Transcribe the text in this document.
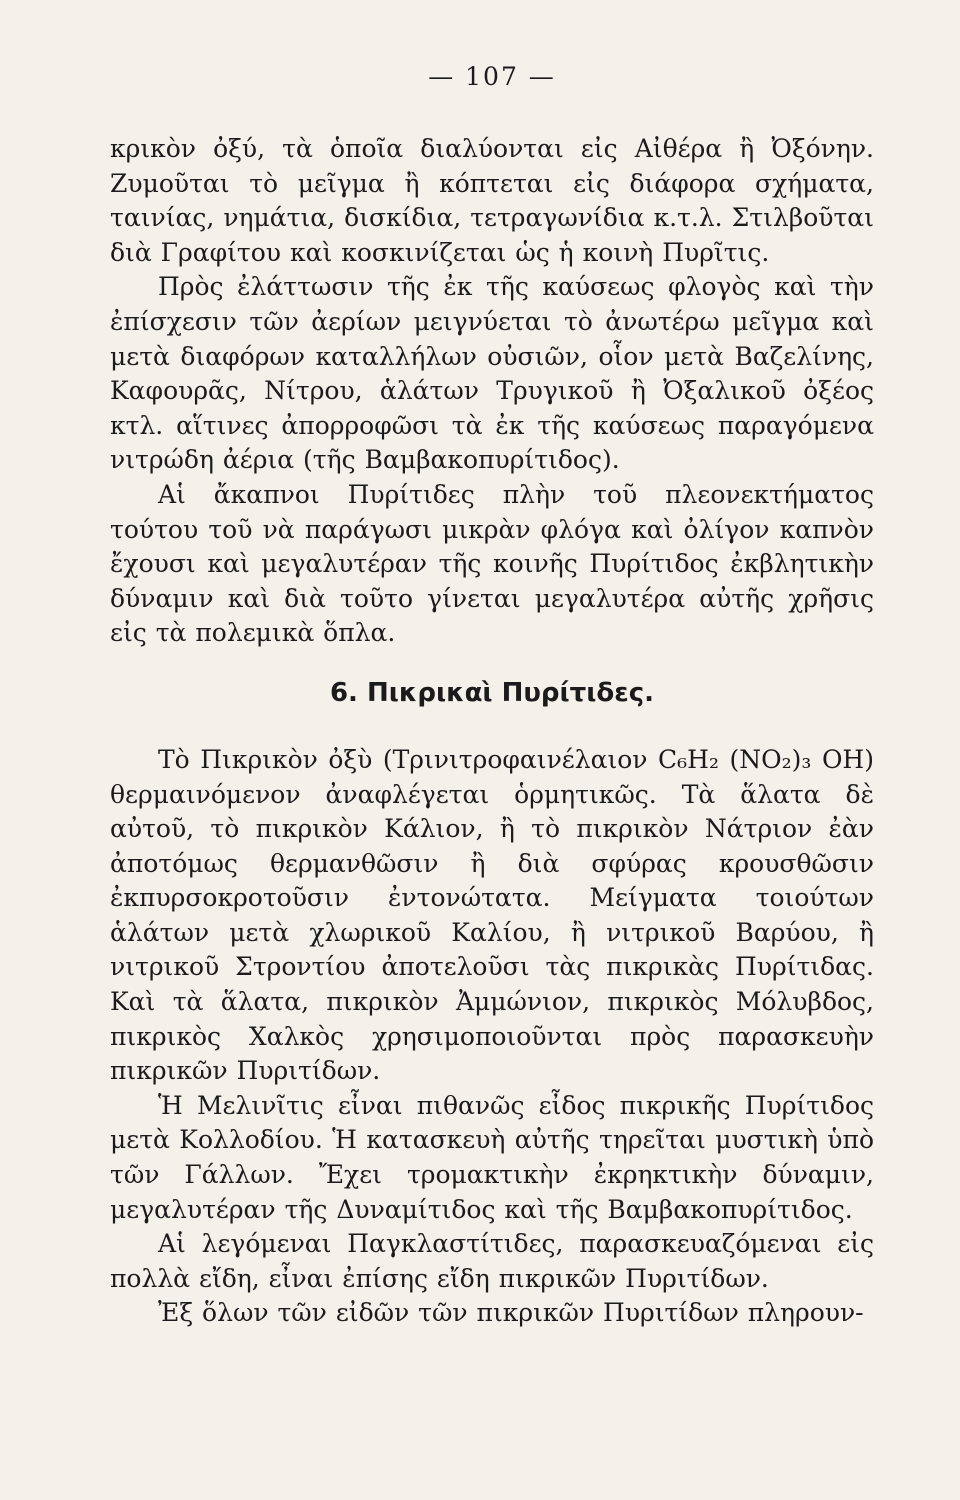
— 107 —

κρικὸν ὀξύ, τὰ ὁποῖα διαλύονται εἰς Αἰθέρα ἢ Ὀξόνην. Ζυμοῦται τὸ μεῖγμα ἢ κόπτεται εἰς διάφορα σχήματα, ταινίας, νημάτια, δισκίδια, τετραγωνίδια κ.τ.λ. Στιλβοῦται διὰ Γραφίτου καὶ κοσκινίζεται ὡς ἡ κοινὴ Πυρῖτις.

Πρὸς ἐλάττωσιν τῆς ἐκ τῆς καύσεως φλογὸς καὶ τὴν ἐπίσχεσιν τῶν ἀερίων μειγνύεται τὸ ἀνωτέρω μεῖγμα καὶ μετὰ διαφόρων καταλλήλων οὐσιῶν, οἷον μετὰ Βαζελίνης, Καφουρᾶς, Νίτρου, ἁλάτων Τρυγικοῦ ἢ Ὀξαλικοῦ ὀξέος κτλ. αἵτινες ἀπορροφῶσι τὰ ἐκ τῆς καύσεως παραγόμενα νιτρώδη ἀέρια (τῆς Βαμβακοπυρίτιδος).

Αἱ ἄκαπνοι Πυρίτιδες πλὴν τοῦ πλεονεκτήματος τούτου τοῦ νὰ παράγωσι μικρὰν φλόγα καὶ ὀλίγον καπνὸν ἔχουσι καὶ μεγαλυτέραν τῆς κοινῆς Πυρίτιδος ἐκβλητικὴν δύναμιν καὶ διὰ τοῦτο γίνεται μεγαλυτέρα αὐτῆς χρῆσις εἰς τὰ πολεμικὰ ὅπλα.

6. Πικρικαὶ Πυρίτιδες.

Τὸ Πικρικὸν ὀξὺ (Τρινιτροφαινέλαιον C₆H₂ (NO₂)₃ OH) θερμαινόμενον ἀναφλέγεται ὁρμητικῶς. Τὰ ἅλατα δὲ αὐτοῦ, τὸ πικρικὸν Κάλιον, ἢ τὸ πικρικὸν Νάτριον ἐὰν ἀποτόμως θερμανθῶσιν ἢ διὰ σφύρας κρουσθῶσιν ἐκπυρσοκροτοῦσιν ἐντονώτατα. Μείγματα τοιούτων ἁλάτων μετὰ χλωρικοῦ Καλίου, ἢ νιτρικοῦ Βαρύου, ἢ νιτρικοῦ Στροντίου ἀποτελοῦσι τὰς πικρικὰς Πυρίτιδας. Καὶ τὰ ἅλατα, πικρικὸν Ἀμμώνιον, πικρικὸς Μόλυβδος, πικρικὸς Χαλκὸς χρησιμοποιοῦνται πρὸς παρασκευὴν πικρικῶν Πυριτίδων.

Ἡ Μελινῖτις εἶναι πιθανῶς εἶδος πικρικῆς Πυρίτιδος μετὰ Κολλοδίου. Ἡ κατασκευὴ αὐτῆς τηρεῖται μυστικὴ ὑπὸ τῶν Γάλλων. Ἔχει τρομακτικὴν ἐκρηκτικὴν δύναμιν, μεγαλυτέραν τῆς Δυναμίτιδος καὶ τῆς Βαμβακοπυρίτιδος.

Αἱ λεγόμεναι Παγκλαστίτιδες, παρασκευαζόμεναι εἰς πολλὰ εἴδη, εἶναι ἐπίσης εἴδη πικρικῶν Πυριτίδων.

Ἐξ ὅλων τῶν εἰδῶν τῶν πικρικῶν Πυριτίδων πληρουν-
